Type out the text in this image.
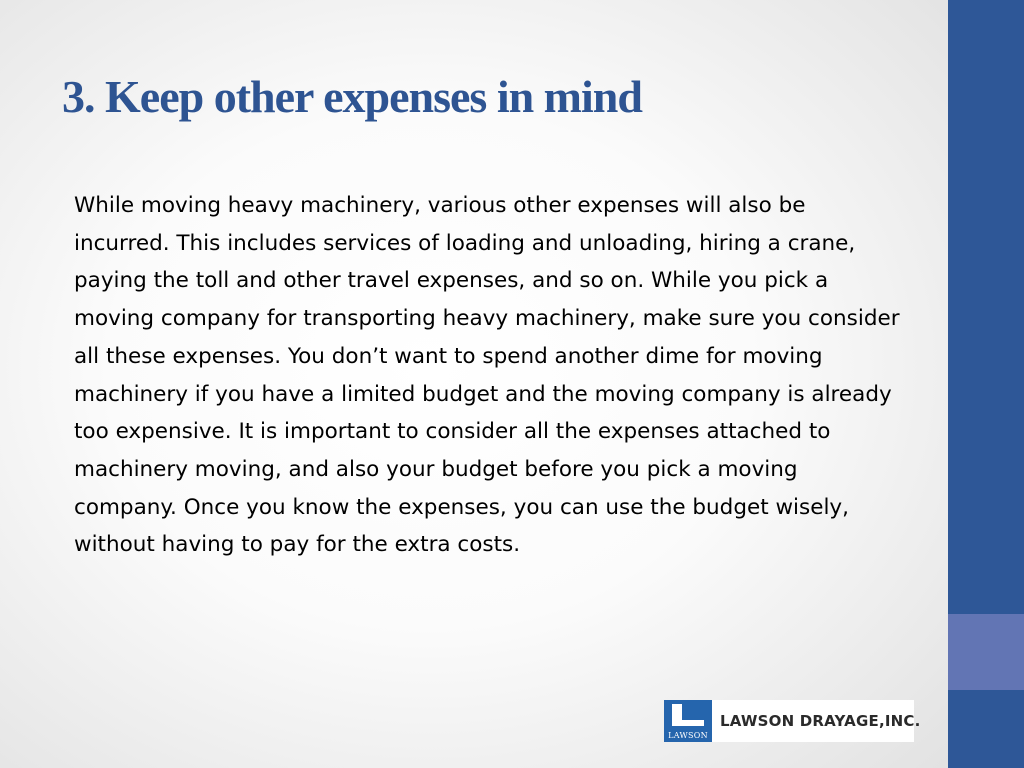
3. Keep other expenses in mind

While moving heavy machinery, various other expenses will also be incurred. This includes services of loading and unloading, hiring a crane, paying the toll and other travel expenses, and so on. While you pick a moving company for transporting heavy machinery, make sure you consider all these expenses. You don’t want to spend another dime for moving machinery if you have a limited budget and the moving company is already too expensive. It is important to consider all the expenses attached to machinery moving, and also your budget before you pick a moving company. Once you know the expenses, you can use the budget wisely, without having to pay for the extra costs.

LAWSON
LAWSON DRAYAGE,INC.
